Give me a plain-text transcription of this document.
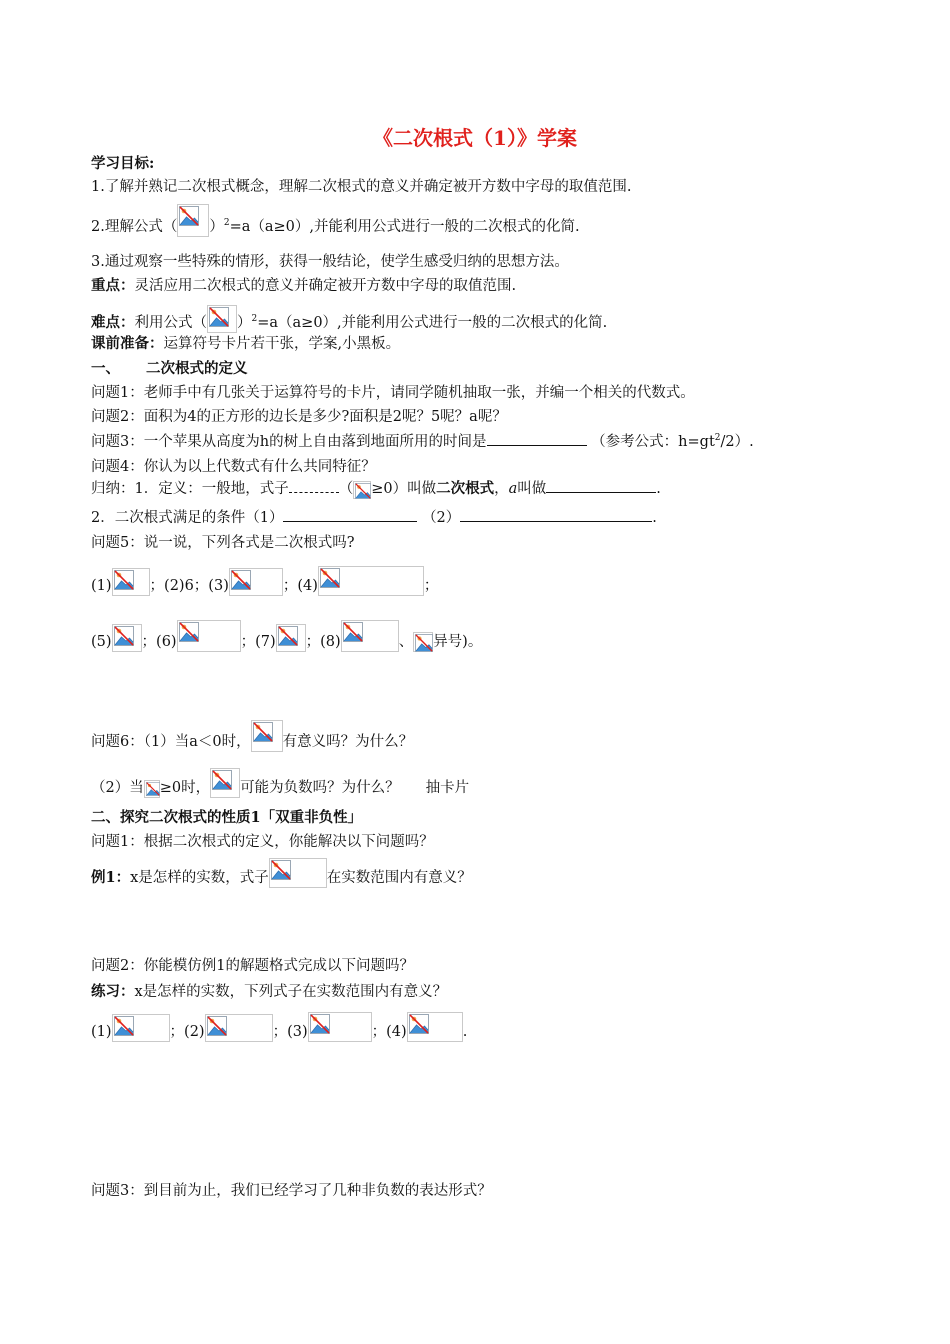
《二次根式（1）》学案
学习目标:
1.了解并熟记二次根式概念，理解二次根式的意义并确定被开方数中字母的取值范围.
2.理解公式（ ）$^2$=a（a≥0）,并能利用公式进行一般的二次根式的化简.
3.通过观察一些特殊的情形，获得一般结论，使学生感受归纳的思想方法。
重点：灵活应用二次根式的意义并确定被开方数中字母的取值范围.
难点：利用公式（ ）$^2$=a（a≥0）,并能利用公式进行一般的二次根式的化简.
课前准备：运算符号卡片若干张，学案,小黑板。
一、 二次根式的定义
问题1：老师手中有几张关于运算符号的卡片，请同学随机抽取一张，并编一个相关的代数式。
问题2：面积为4的正方形的边长是多少?面积是2呢？5呢？a呢？
问题3：一个苹果从高度为h的树上自由落到地面所用的时间是	（参考公式：$h=gt^2/2$）.
问题4：你认为以上代数式有什么共同特征？
归纳：1．定义：一般地，式子	（ ≥0）叫做二次根式，a叫做	.
2．二次根式满足的条件（1）	（2）	.
问题5：说一说，下列各式是二次根式吗?
(1)	；(2)6；(3)	；(4)	；
(5) ；(6)	；(7) ；(8)	、 异号)。
问题6：（1）当a＜0时， 有意义吗？为什么？
（2）当 ≥0时， 可能为负数吗？为什么？ 抽卡片
二、探究二次根式的性质1「双重非负性」
问题1：根据二次根式的定义，你能解决以下问题吗？
例1：x是怎样的实数，式子	在实数范围内有意义？
问题2：你能模仿例1的解题格式完成以下问题吗？
练习：x是怎样的实数，下列式子在实数范围内有意义？
(1)	；(2)	；(3)	；(4)	.
问题3：到目前为止，我们已经学习了几种非负数的表达形式？
